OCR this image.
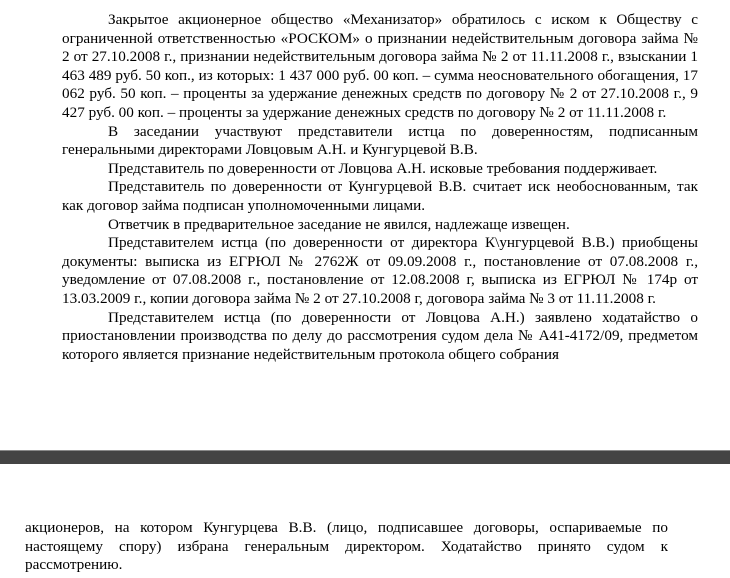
Закрытое акционерное общество «Механизатор» обратилось с иском к Обществу с ограниченной ответственностью «РОСКОМ» о признании недействительным договора займа № 2 от 27.10.2008 г., признании недействительным договора займа № 2 от 11.11.2008 г., взыскании 1 463 489 руб. 50 коп., из которых: 1 437 000 руб. 00 коп. – сумма неосновательного обогащения, 17 062 руб. 50 коп. – проценты за удержание денежных средств по договору № 2 от 27.10.2008 г., 9 427 руб. 00 коп. – проценты за удержание денежных средств по договору № 2 от 11.11.2008 г.

В заседании участвуют представители истца по доверенностям, подписанным генеральными директорами Ловцовым А.Н. и Кунгурцевой В.В.

Представитель по доверенности от Ловцова А.Н. исковые требования поддерживает.

Представитель по доверенности от Кунгурцевой В.В. считает иск необоснованным, так как договор займа подписан уполномоченными лицами.

Ответчик в предварительное заседание не явился, надлежаще извещен.

Представителем истца (по доверенности от директора К\унгурцевой В.В.) приобщены документы: выписка из ЕГРЮЛ № 2762Ж от 09.09.2008 г., постановление от 07.08.2008 г., уведомление от 07.08.2008 г., постановление от 12.08.2008 г, выписка из ЕГРЮЛ № 174р от 13.03.2009 г., копии договора займа № 2 от 27.10.2008 г, договора займа № 3 от 11.11.2008 г.

Представителем истца (по доверенности от Ловцова А.Н.) заявлено ходатайство о приостановлении производства по делу до рассмотрения судом дела № А41-4172/09, предметом которого является признание недействительным протокола общего собрания

акционеров, на котором Кунгурцева В.В. (лицо, подписавшее договоры, оспариваемые по настоящему спору) избрана генеральным директором. Ходатайство принято судом к рассмотрению.
